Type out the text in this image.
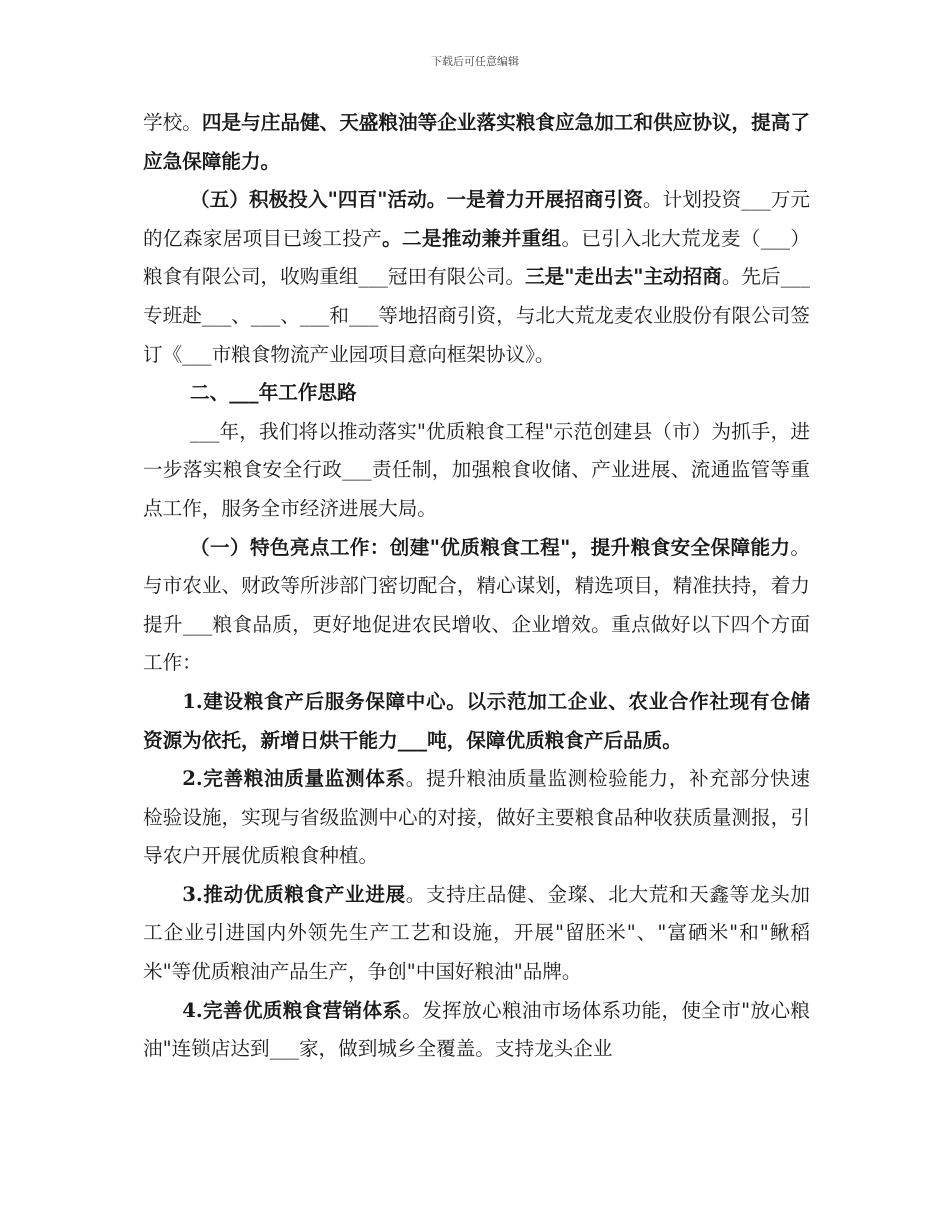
下载后可任意编辑

学校。四是与庄品健、天盛粮油等企业落实粮食应急加工和供应协议，提高了应急保障能力。

（五）积极投入"四百"活动。一是着力开展招商引资。计划投资___万元的亿森家居项目已竣工投产。二是推动兼并重组。已引入北大荒龙麦（___）粮食有限公司，收购重组___冠田有限公司。三是"走出去"主动招商。先后___专班赴___、___、___和___等地招商引资，与北大荒龙麦农业股份有限公司签订《___市粮食物流产业园项目意向框架协议》。

二、___年工作思路

___年，我们将以推动落实"优质粮食工程"示范创建县（市）为抓手，进一步落实粮食安全行政___责任制，加强粮食收储、产业进展、流通监管等重点工作，服务全市经济进展大局。

（一）特色亮点工作：创建"优质粮食工程"，提升粮食安全保障能力。与市农业、财政等所涉部门密切配合，精心谋划，精选项目，精准扶持，着力提升___粮食品质，更好地促进农民增收、企业增效。重点做好以下四个方面工作：

1.建设粮食产后服务保障中心。以示范加工企业、农业合作社现有仓储资源为依托，新增日烘干能力___吨，保障优质粮食产后品质。

2.完善粮油质量监测体系。提升粮油质量监测检验能力，补充部分快速检验设施，实现与省级监测中心的对接，做好主要粮食品种收获质量测报，引导农户开展优质粮食种植。

3.推动优质粮食产业进展。支持庄品健、金璨、北大荒和天鑫等龙头加工企业引进国内外领先生产工艺和设施，开展"留胚米"、"富硒米"和"鳅稻米"等优质粮油产品生产，争创"中国好粮油"品牌。

4.完善优质粮食营销体系。发挥放心粮油市场体系功能，使全市"放心粮油"连锁店达到___家，做到城乡全覆盖。支持龙头企业
